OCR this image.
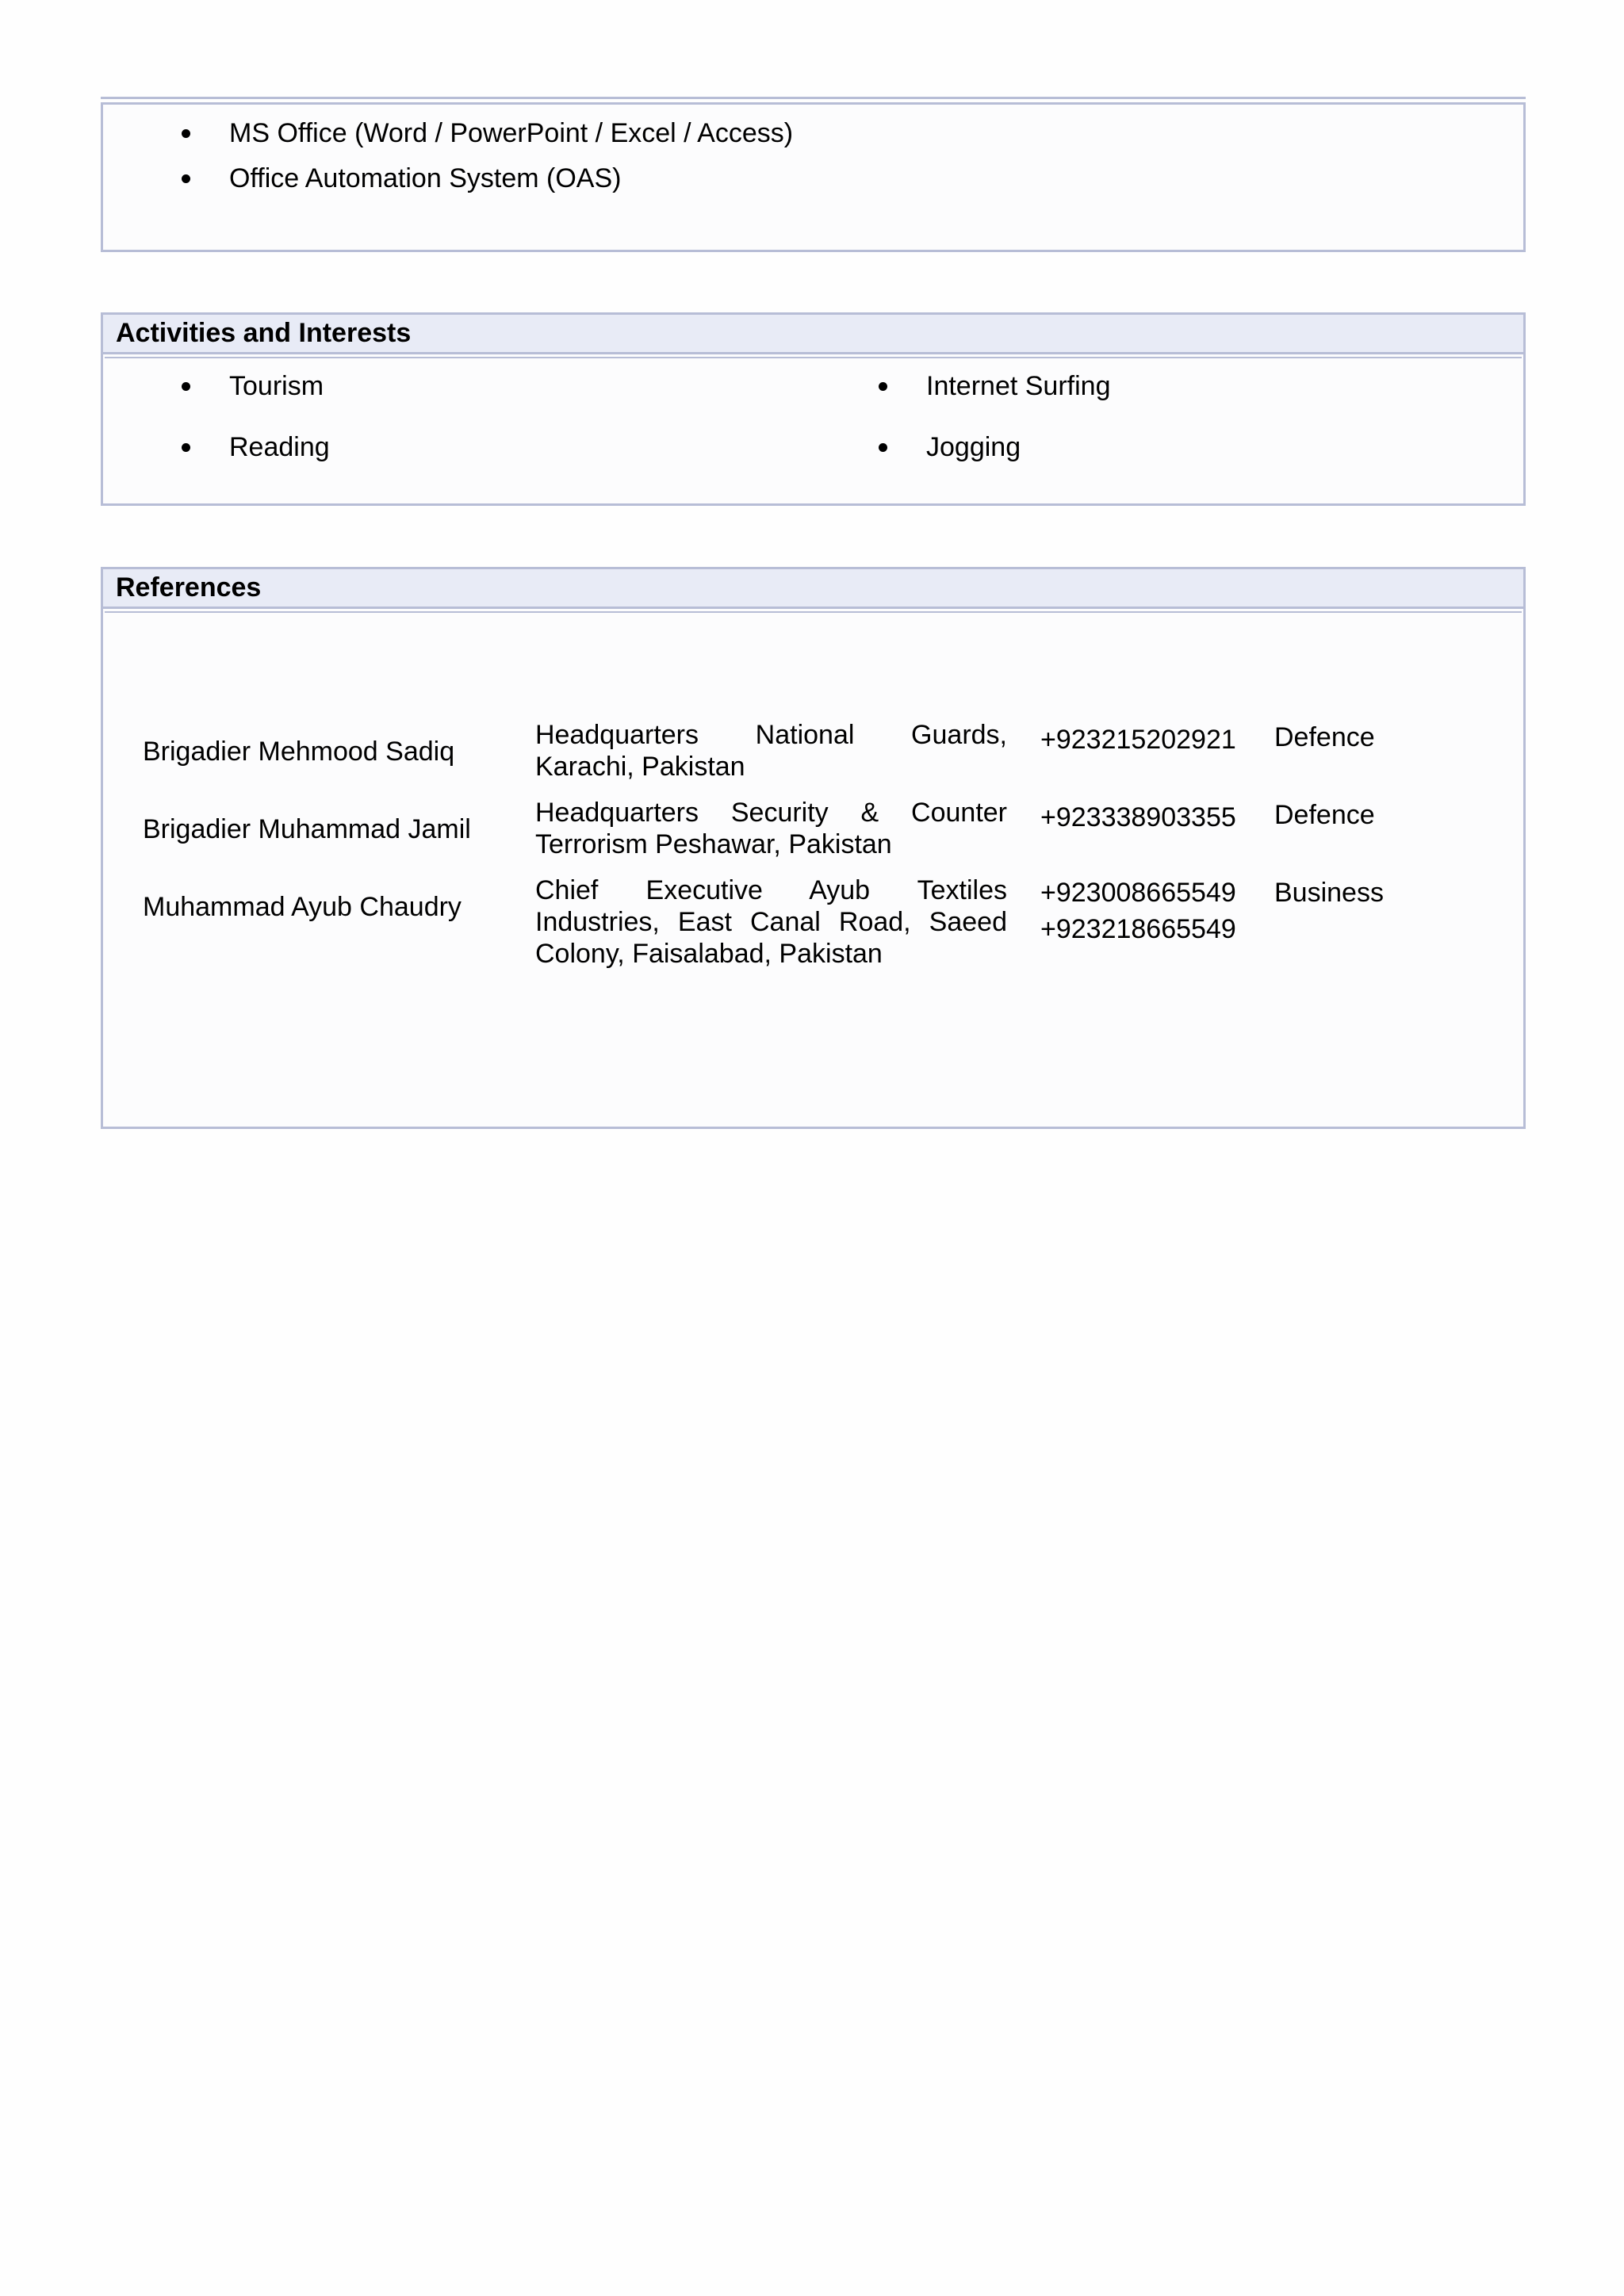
MS Office (Word / PowerPoint / Excel / Access)
Office Automation System (OAS)
Activities and Interests
Tourism
Reading
Internet Surfing
Jogging
References
Brigadier Mehmood Sadiq
Headquarters National Guards, Karachi, Pakistan
+923215202921 Defence
Brigadier Muhammad Jamil
Headquarters Security & Counter Terrorism Peshawar, Pakistan
+923338903355 Defence
Muhammad Ayub Chaudry
Chief Executive Ayub Textiles Industries, East Canal Road, Saeed Colony, Faisalabad, Pakistan
+923008665549
+923218665549
Business
